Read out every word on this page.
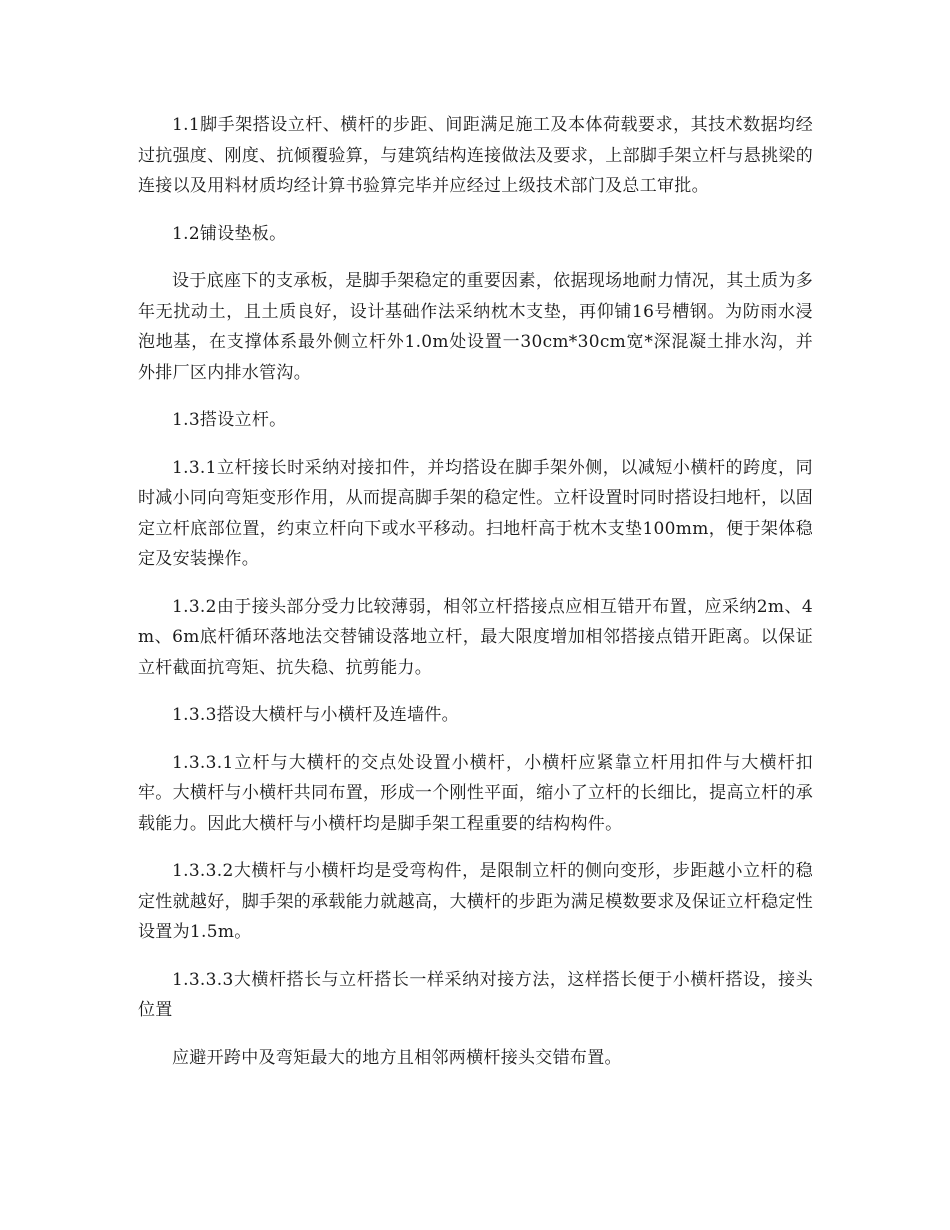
1.1脚手架搭设立杆、横杆的步距、间距满足施工及本体荷载要求，其技术数据均经过抗强度、刚度、抗倾覆验算，与建筑结构连接做法及要求，上部脚手架立杆与悬挑梁的连接以及用料材质均经计算书验算完毕并应经过上级技术部门及总工审批。

1.2铺设垫板。

设于底座下的支承板，是脚手架稳定的重要因素，依据现场地耐力情况，其土质为多年无扰动土，且土质良好，设计基础作法采纳枕木支垫，再仰铺16号槽钢。为防雨水浸泡地基，在支撑体系最外侧立杆外1.0m处设置一30cm*30cm宽*深混凝土排水沟，并外排厂区内排水管沟。

1.3搭设立杆。

1.3.1立杆接长时采纳对接扣件，并均搭设在脚手架外侧，以减短小横杆的跨度，同时减小同向弯矩变形作用，从而提高脚手架的稳定性。立杆设置时同时搭设扫地杆，以固定立杆底部位置，约束立杆向下或水平移动。扫地杆高于枕木支垫100mm，便于架体稳定及安装操作。

1.3.2由于接头部分受力比较薄弱，相邻立杆搭接点应相互错开布置，应采纳2m、4m、6m底杆循环落地法交替铺设落地立杆，最大限度增加相邻搭接点错开距离。以保证立杆截面抗弯矩、抗失稳、抗剪能力。

1.3.3搭设大横杆与小横杆及连墙件。

1.3.3.1立杆与大横杆的交点处设置小横杆，小横杆应紧靠立杆用扣件与大横杆扣牢。大横杆与小横杆共同布置，形成一个刚性平面，缩小了立杆的长细比，提高立杆的承载能力。因此大横杆与小横杆均是脚手架工程重要的结构构件。

1.3.3.2大横杆与小横杆均是受弯构件，是限制立杆的侧向变形，步距越小立杆的稳定性就越好，脚手架的承载能力就越高，大横杆的步距为满足模数要求及保证立杆稳定性设置为1.5m。

1.3.3.3大横杆搭长与立杆搭长一样采纳对接方法，这样搭长便于小横杆搭设，接头位置

应避开跨中及弯矩最大的地方且相邻两横杆接头交错布置。
